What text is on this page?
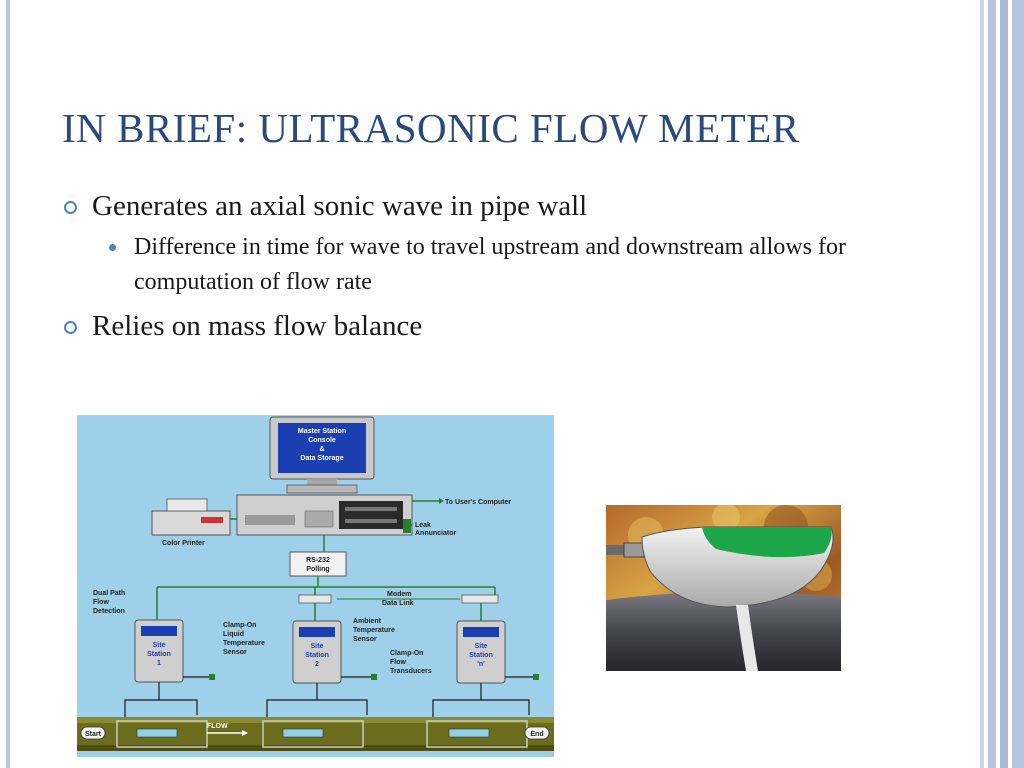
IN BRIEF: ULTRASONIC FLOW METER
Generates an axial sonic wave in pipe wall
Difference in time for wave to travel upstream and downstream allows for computation of flow rate
Relies on mass flow balance
Master Station
Console
&
Data Storage
To User's Computer
Color Printer
Leak
Annunciator
RS-232
Polling
Modem
Data Link
Dual Path
Flow
Detection
Clamp-On
Liquid
Temperature
Sensor
Ambient
Temperature
Sensor
Clamp-On
Flow
Transducers
Site
Station
1
Site
Station
2
Site
Station
'n'
FLOW
Start	End
